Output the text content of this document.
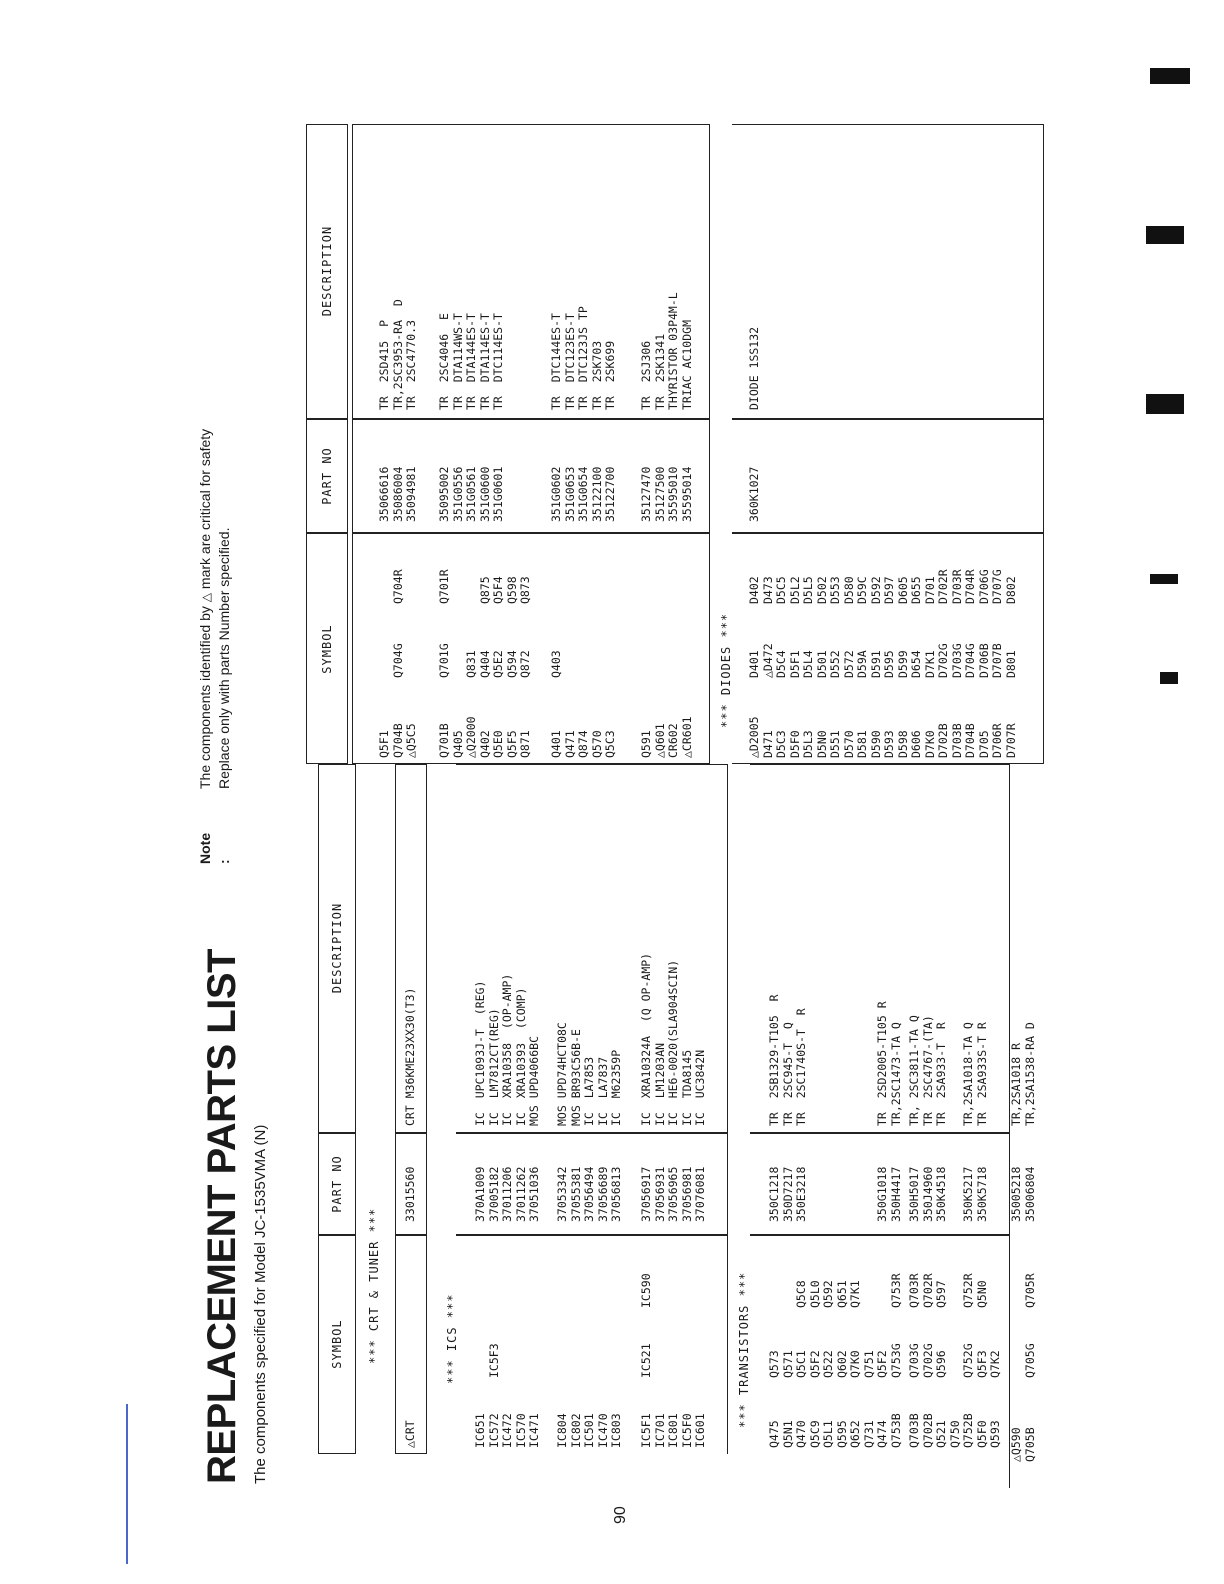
90
REPLACEMENT PARTS LIST The components specified for Model JC-1535VMA (N)
Note :
The components identified by △ mark are critical for safety
Replace only with parts Number specified.
SYMBOL
PART NO
DESCRIPTION
*** CRT & TUNER ***
△CRT
33015560
CRT M36KME23XX30(T3)
*** ICS ***
IC651
IC572
IC472
IC570
IC471

IC5F3

370A1009
37005182
37011206
37011262
37051036
IC  UPC1093J-T  (REG)
IC  LM7812CT(REG)
IC  XRA10358  (OP-AMP)
IC  XRA10393  (COMP)
MOS UPD4066BC
IC804
IC802
IC501
IC470
IC803
37053342
37055381
37056494
37056689
37056813
MOS UPD74HCT08C
MOS BR93C56B-E
IC  LA7853
IC  LA7837
IC  M62359P
IC5F1
IC701
IC801
IC5F0
IC601
IC521
IC590
37056917
37056931
37056965
37056981
37076081
IC  XRA10324A  (Q OP-AMP)
IC  LM1203AN
IC  HE6-0020(SLA904SCIN)
IC  TDA8145
IC  UC3842N
*** TRANSISTORS ***
Q475
Q5N1
Q470
Q5C9
Q5L1
Q595
Q652
Q731
Q474
Q753B
Q573
Q571
Q5C1
Q5F2
Q522
Q602
Q7K0
Q751
Q5F2
Q753G

Q5C8
Q5L0
Q592
Q651
Q7K1

Q753R
350C1218
350D7217
350E3218
TR  2SB1329-T105  R
TR  2SC945-T  Q
TR  2SC1740S-T  R
350G1018
350H4417
TR  2SD2005-T105 R
TR,2SC1473-TA Q
Q703B
Q702B
Q521
Q750
Q752B
Q5F0
Q593
Q703G
Q702G
Q596

Q752G
Q5F3
Q7K2
Q703R
Q702R
Q597

Q752R
Q5N0

350H5017
350J4960
350K4518
TR, 2SC3811-TA Q
TR  2SC4767-(TA)
TR  2SA933-T  R
350K5217
350K5718
TR,2SA1018-TA Q
TR  2SA933S-T R
△Q590
Q705B

Q705G

Q705R
35005218
35006804
TR,2SA1018 R
TR,2SA1538-RA D
SYMBOL
PART NO
DESCRIPTION
Q5F1
Q704B
△Q5C5

Q704G

Q704R

35066616
35086004
35094981
TR  2SD415  P
TR,2SC3953-RA  D
TR  2SC4770.3
Q701B
Q405
△Q2000
Q402
Q5E0
Q5F5
Q871
Q701G

Q831
Q404
Q5E2
Q594
Q872
Q701R

Q875
Q5F4
Q598
Q873
35095002
351G0556
351G0561
351G0600
351G0601
TR  2SC4046  E
TR  DTA114WS-T
TR  DTA144ES-T
TR  DTA114ES-T
TR  DTC114ES-T
Q401
Q471
Q874
Q570
Q5C3
Q403
351G0602
351G0653
351G0654
35122100
35122700
TR  DTC144ES-T
TR  DTC123ES-T
TR  DTC123JS TP
TR  2SK703
TR  2SK699
Q591
△Q601
CR602
△CR601
35127470
35127500
35595010
35595014
TR  2SJ306
TR  2SK1341
THYRISTOR 03P4M-L
TRIAC AC10DGM
*** DIODES ***
△D2005
D471
D5C3
D5F0
D5L3
D5N0
D551
D570
D581
D590
D593
D598
D606
D7K0
D702B
D703B
D704B
D705
D706R
D707R
D401
△D472
D5C4
D5F1
D5L4
D501
D552
D572
D59A
D591
D595
D599
D654
D7K1
D702G
D703G
D704G
D706B
D707B
D801
D402
D473
D5C5
D5L2
D5L5
D502
D553
D580
D59C
D592
D597
D605
D655
D701
D702R
D703R
D704R
D706G
D707G
D802
360K1027
DIODE 1SS132
